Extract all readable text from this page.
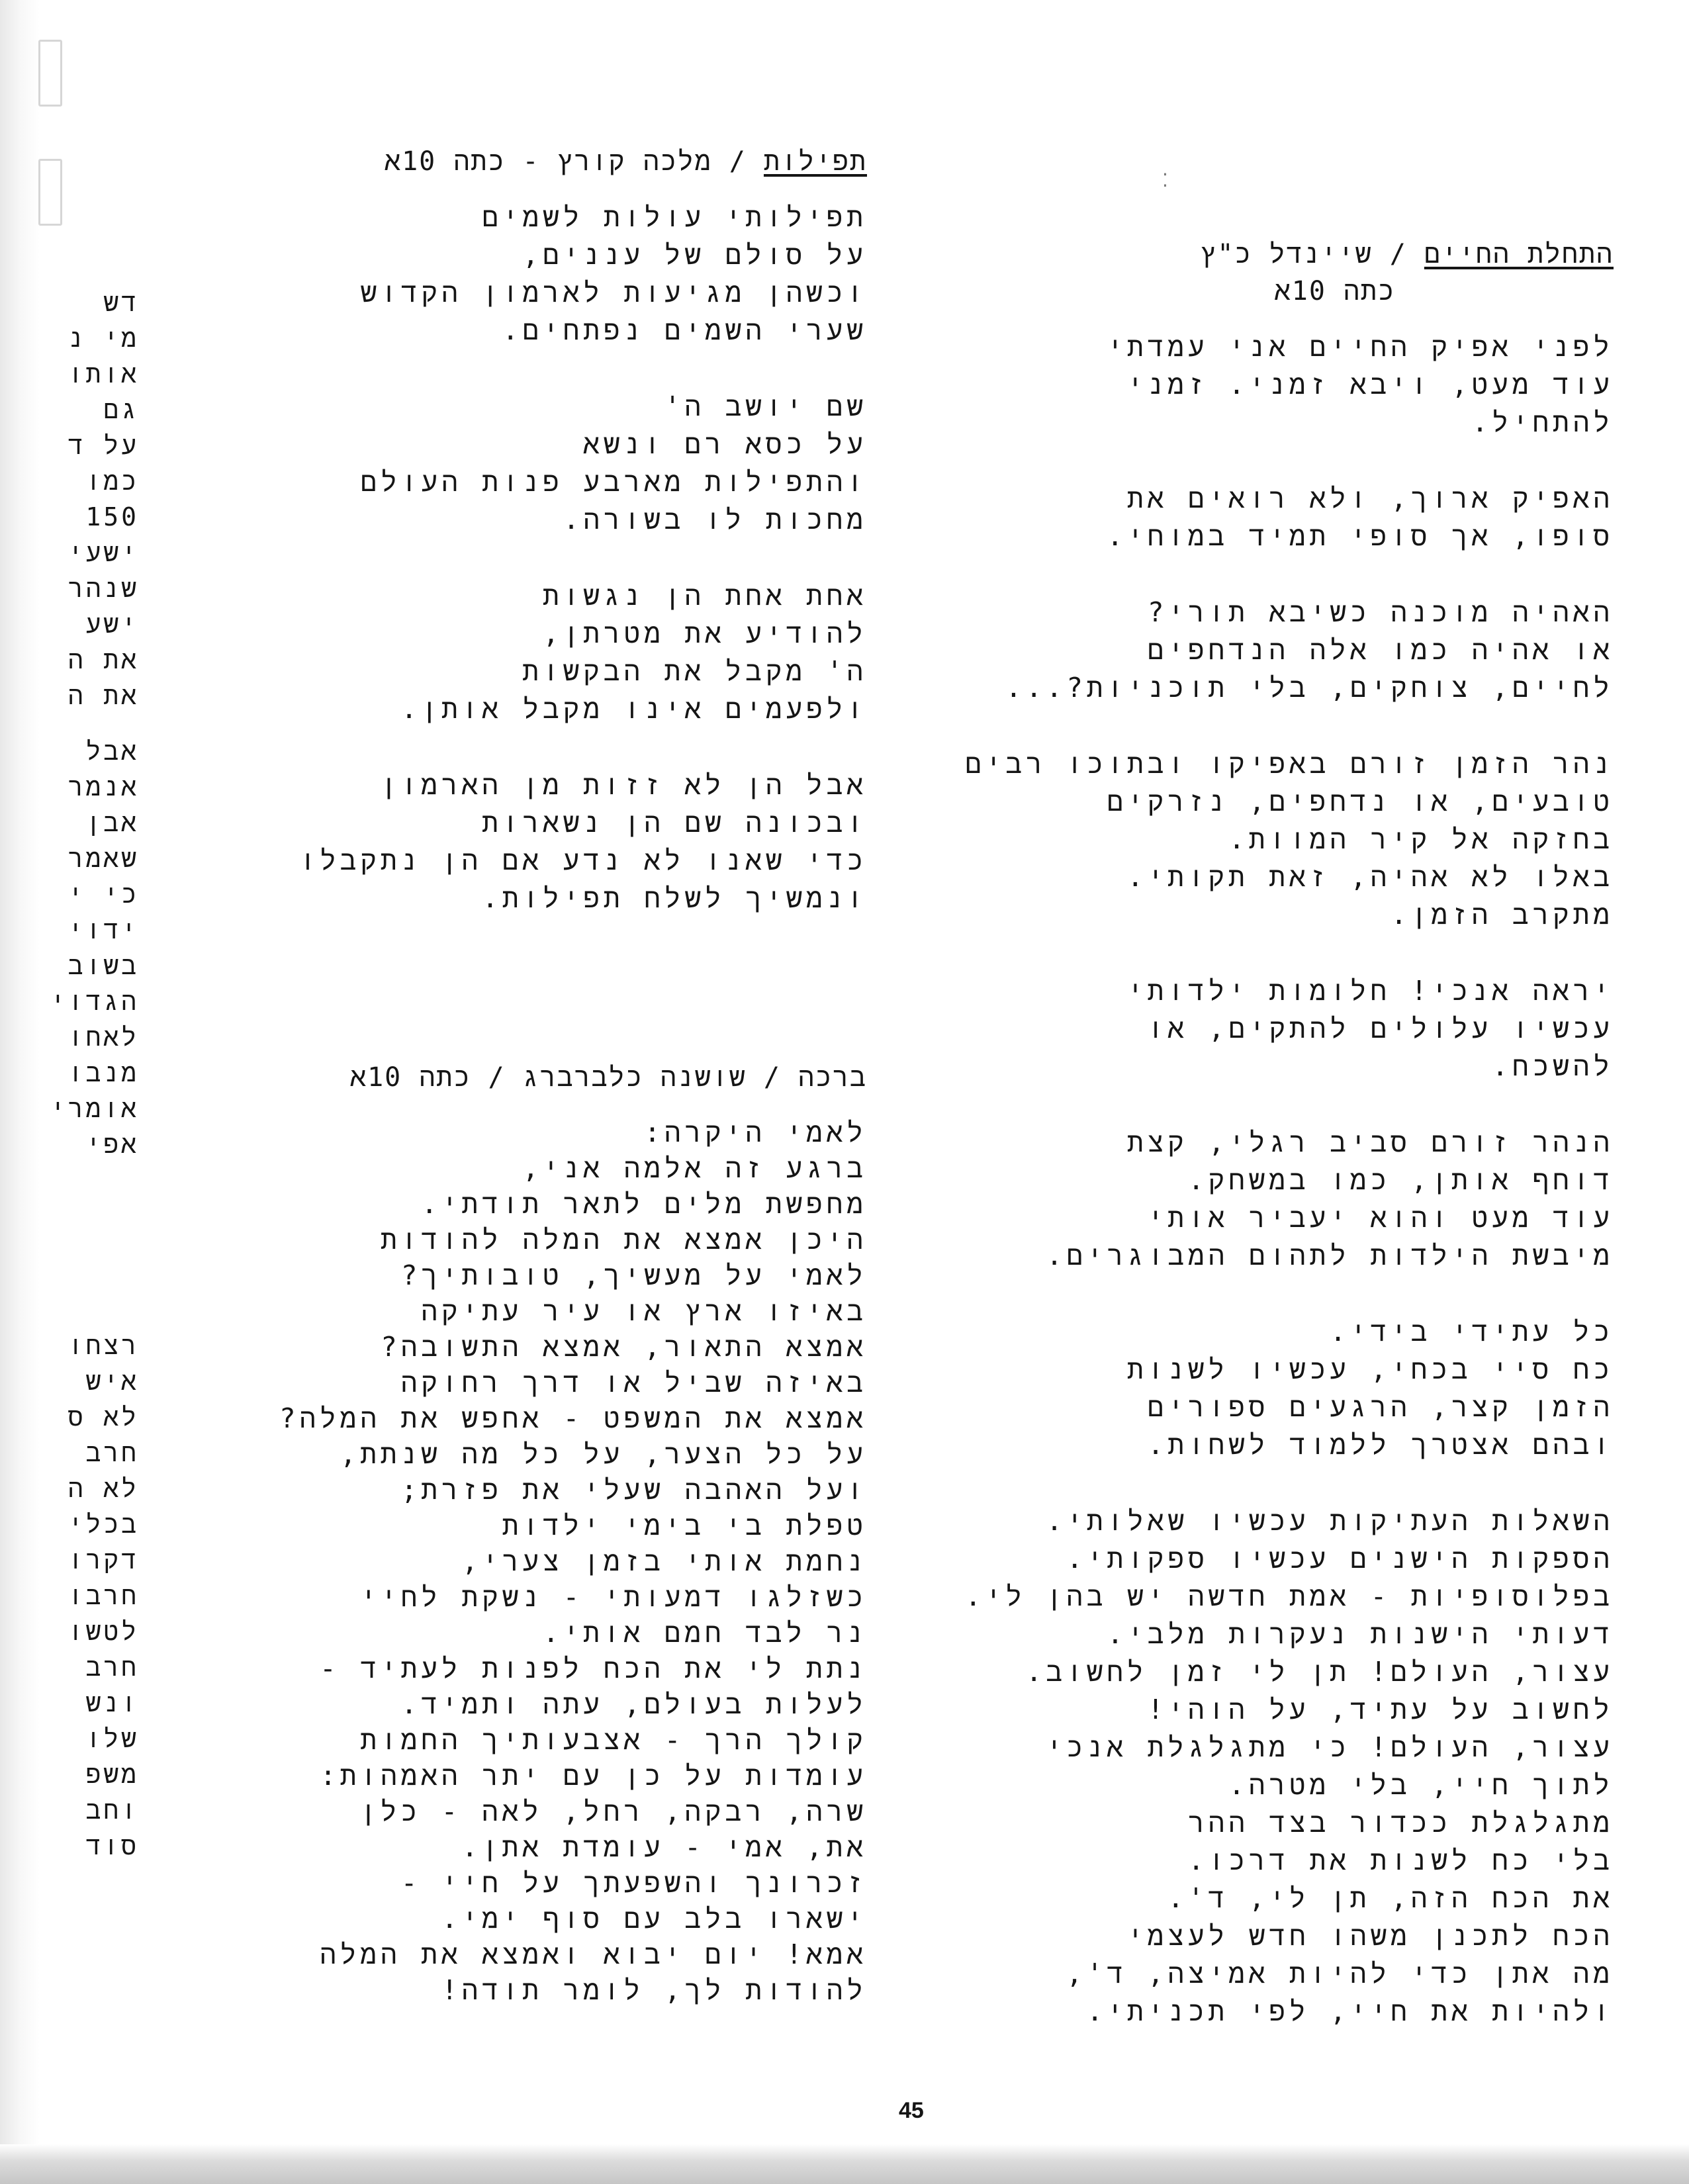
⁚
דש
מי נ
אותו
גם
על ד
כמו
150
ישעי
שנהר
ישע
את ה
את ה
אבל
אנמר
אבן
שאמר
כי י
ידוי
בשוב
הגדוי
לאחו
מנבו
אומרי
אפי
רצחו
איש
לא ס
חרב
לא ה
בכלי
דקרו
חרבו
לטשו
חרב
ונש
שלו
משפ
וחב
סוד
תפילות / מלכה קורץ - כתה 10א
תפילותי עולות לשמים
על סולם של עננים,
וכשהן מגיעות לארמון הקדוש
שערי השמים נפתחים.
שם יושב ה'
על כסא רם ונשא
והתפילות מארבע פנות העולם
מחכות לו בשורה.
אחת אחת הן נגשות
להודיע את מטרתן,
ה' מקבל את הבקשות
ולפעמים אינו מקבל אותן.
אבל הן לא זזות מן הארמון
ובכונה שם הן נשארות
כדי שאנו לא נדע אם הן נתקבלו
ונמשיך לשלח תפילות.
ברכה / שושנה כלברברג / כתה 10א
לאמי היקרה:
ברגע זה אלמה אני,
מחפשת מלים לתאר תודתי.
היכן אמצא את המלה להודות
לאמי על מעשיך, טובותיך?
באיזו ארץ או עיר עתיקה
אמצא התאור, אמצא התשובה?
באיזה שביל או דרך רחוקה
אמצא את המשפט - אחפש את המלה?
על כל הצער, על כל מה שנתת,
ועל האהבה שעלי את פזרת;
טפלת בי בימי ילדות
נחמת אותי בזמן צערי,
כשזלגו דמעותי - נשקת לחיי
נר לבד חמם אותי.
נתת לי את הכח לפנות לעתיד -
לעלות בעולם, עתה ותמיד.
קולך הרך - אצבעותיך החמות
עומדות על כן עם יתר האמהות:
שרה, רבקה, רחל, לאה - כלן
את, אמי - עומדת אתן.
זכרונך והשפעתך על חיי -
ישארו בלב עם סוף ימי.
אמא! יום יבוא ואמצא את המלה
להודות לך, לומר תודה!
התחלת החיים / שיינדל כ"ץ
כתה 10א
לפני אפיק החיים אני עמדתי
עוד מעט, ויבא זמני. זמני
להתחיל.
האפיק ארוך, ולא רואים את
סופו, אך סופי תמיד במוחי.
האהיה מוכנה כשיבא תורי?
או אהיה כמו אלה הנדחפים
לחיים, צוחקים, בלי תוכניות?...
נהר הזמן זורם באפיקו ובתוכו רבים
טובעים, או נדחפים, נזרקים
בחזקה אל קיר המוות.
באלו לא אהיה, זאת תקותי.
מתקרב הזמן.
יראה אנכי! חלומות ילדותי
עכשיו עלולים להתקים, או
להשכח.
הנהר זורם סביב רגלי, קצת
דוחף אותן, כמו במשחק.
עוד מעט והוא יעביר אותי
מיבשת הילדות לתהום המבוגרים.
כל עתידי בידי.
כח סיי בכחי, עכשיו לשנות
הזמן קצר, הרגעים ספורים
ובהם אצטרך ללמוד לשחות.
השאלות העתיקות עכשיו שאלותי.
הספקות הישנים עכשיו ספקותי.
בפלוסופיות - אמת חדשה יש בהן לי.
דעותי הישנות נעקרות מלבי.
עצור, העולם! תן לי זמן לחשוב.
לחשוב על עתיד, על הוהי!
עצור, העולם! כי מתגלגלת אנכי
לתוך חיי, בלי מטרה.
מתגלגלת ככדור בצד ההר
בלי כח לשנות את דרכו.
את הכח הזה, תן לי, ד'.
הכח לתכנן משהו חדש לעצמי
מה אתן כדי להיות אמיצה, ד',
ולהיות את חיי, לפי תכניתי.
45
